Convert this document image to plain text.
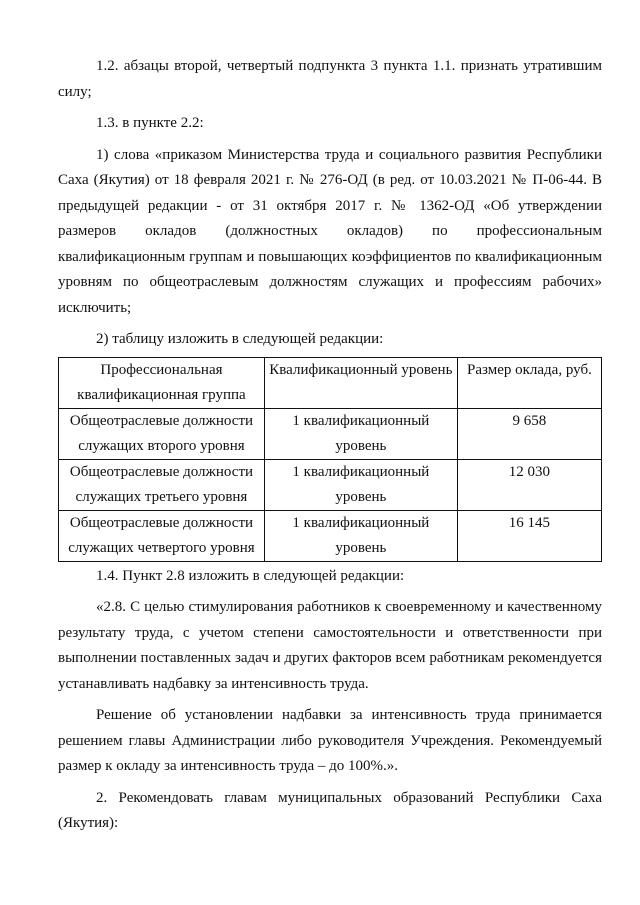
1.2. абзацы второй, четвертый подпункта 3 пункта 1.1. признать утратившим силу;

1.3. в пункте 2.2:

1) слова «приказом Министерства труда и социального развития Республики Саха (Якутия) от 18 февраля 2021 г. № 276-ОД (в ред. от 10.03.2021 № П-06-44. В предыдущей редакции - от 31 октября 2017 г. № 1362-ОД «Об утверждении размеров окладов (должностных окладов) по профессиональным квалификационным группам и повышающих коэффициентов по квалификационным уровням по общеотраслевым должностям служащих и профессиям рабочих» исключить;

2) таблицу изложить в следующей редакции:

Профессиональная квалификационная группа	Квалификационный уровень	Размер оклада, руб.
Общеотраслевые должности служащих второго уровня	1 квалификационный уровень	9 658
Общеотраслевые должности служащих третьего уровня	1 квалификационный уровень	12 030
Общеотраслевые должности служащих четвертого уровня	1 квалификационный уровень	16 145

1.4. Пункт 2.8 изложить в следующей редакции:

«2.8. С целью стимулирования работников к своевременному и качественному результату труда, с учетом степени самостоятельности и ответственности при выполнении поставленных задач и других факторов всем работникам рекомендуется устанавливать надбавку за интенсивность труда.

Решение об установлении надбавки за интенсивность труда принимается решением главы Администрации либо руководителя Учреждения. Рекомендуемый размер к окладу за интенсивность труда – до 100%.».

2. Рекомендовать главам муниципальных образований Республики Саха (Якутия):
